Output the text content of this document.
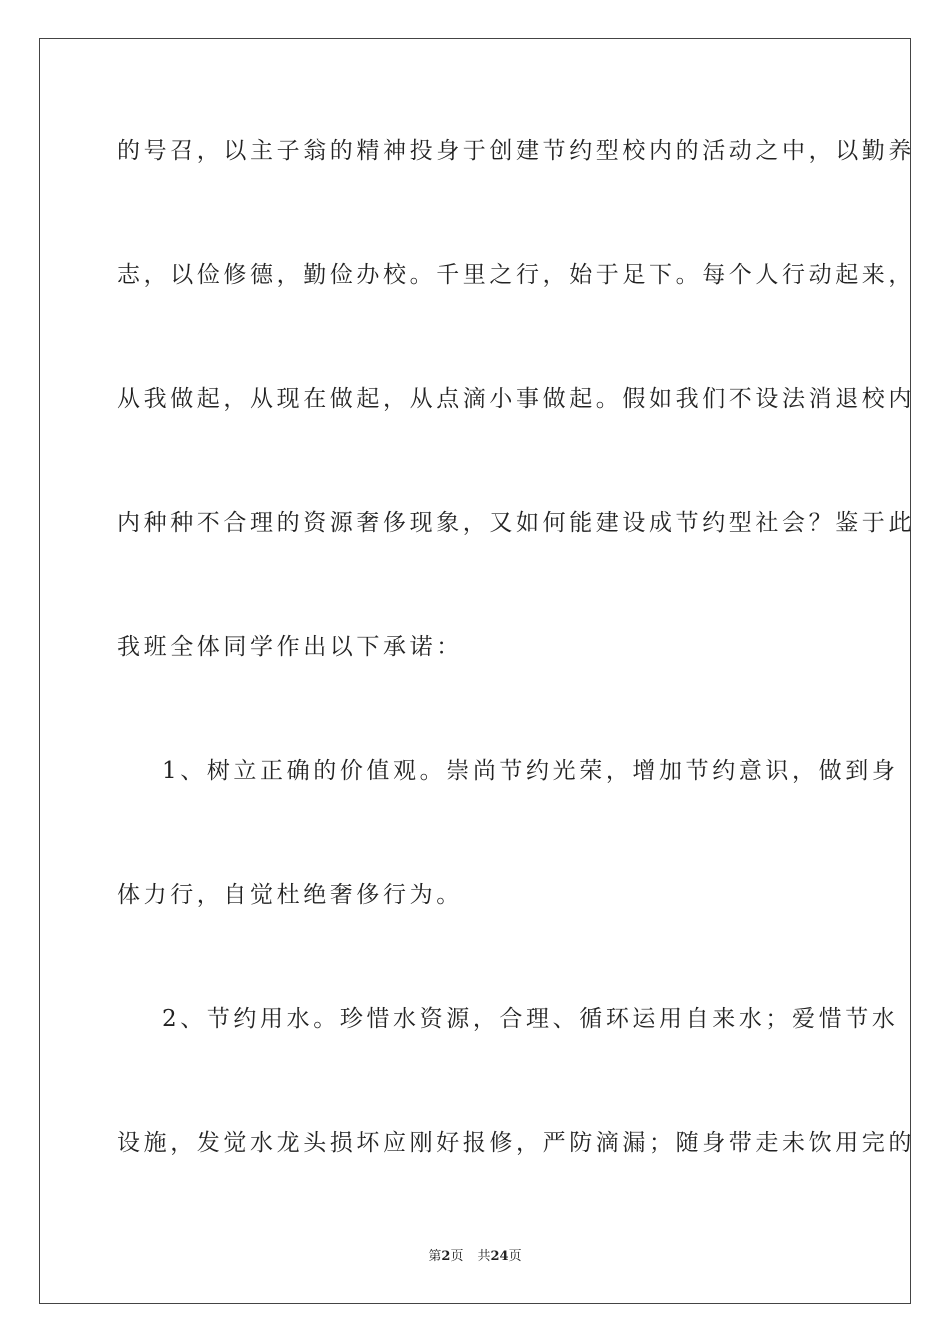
的号召，以主子翁的精神投身于创建节约型校内的活动之中，以勤养
志，以俭修德，勤俭办校。千里之行，始于足下。每个人行动起来，
从我做起，从现在做起，从点滴小事做起。假如我们不设法消退校内
内种种不合理的资源奢侈现象，又如何能建设成节约型社会？鉴于此
我班全体同学作出以下承诺：
1、树立正确的价值观。崇尚节约光荣，增加节约意识，做到身
体力行，自觉杜绝奢侈行为。
2、节约用水。珍惜水资源，合理、循环运用自来水；爱惜节水
设施，发觉水龙头损坏应刚好报修，严防滴漏；随身带走未饮用完的
第2页 共24页
